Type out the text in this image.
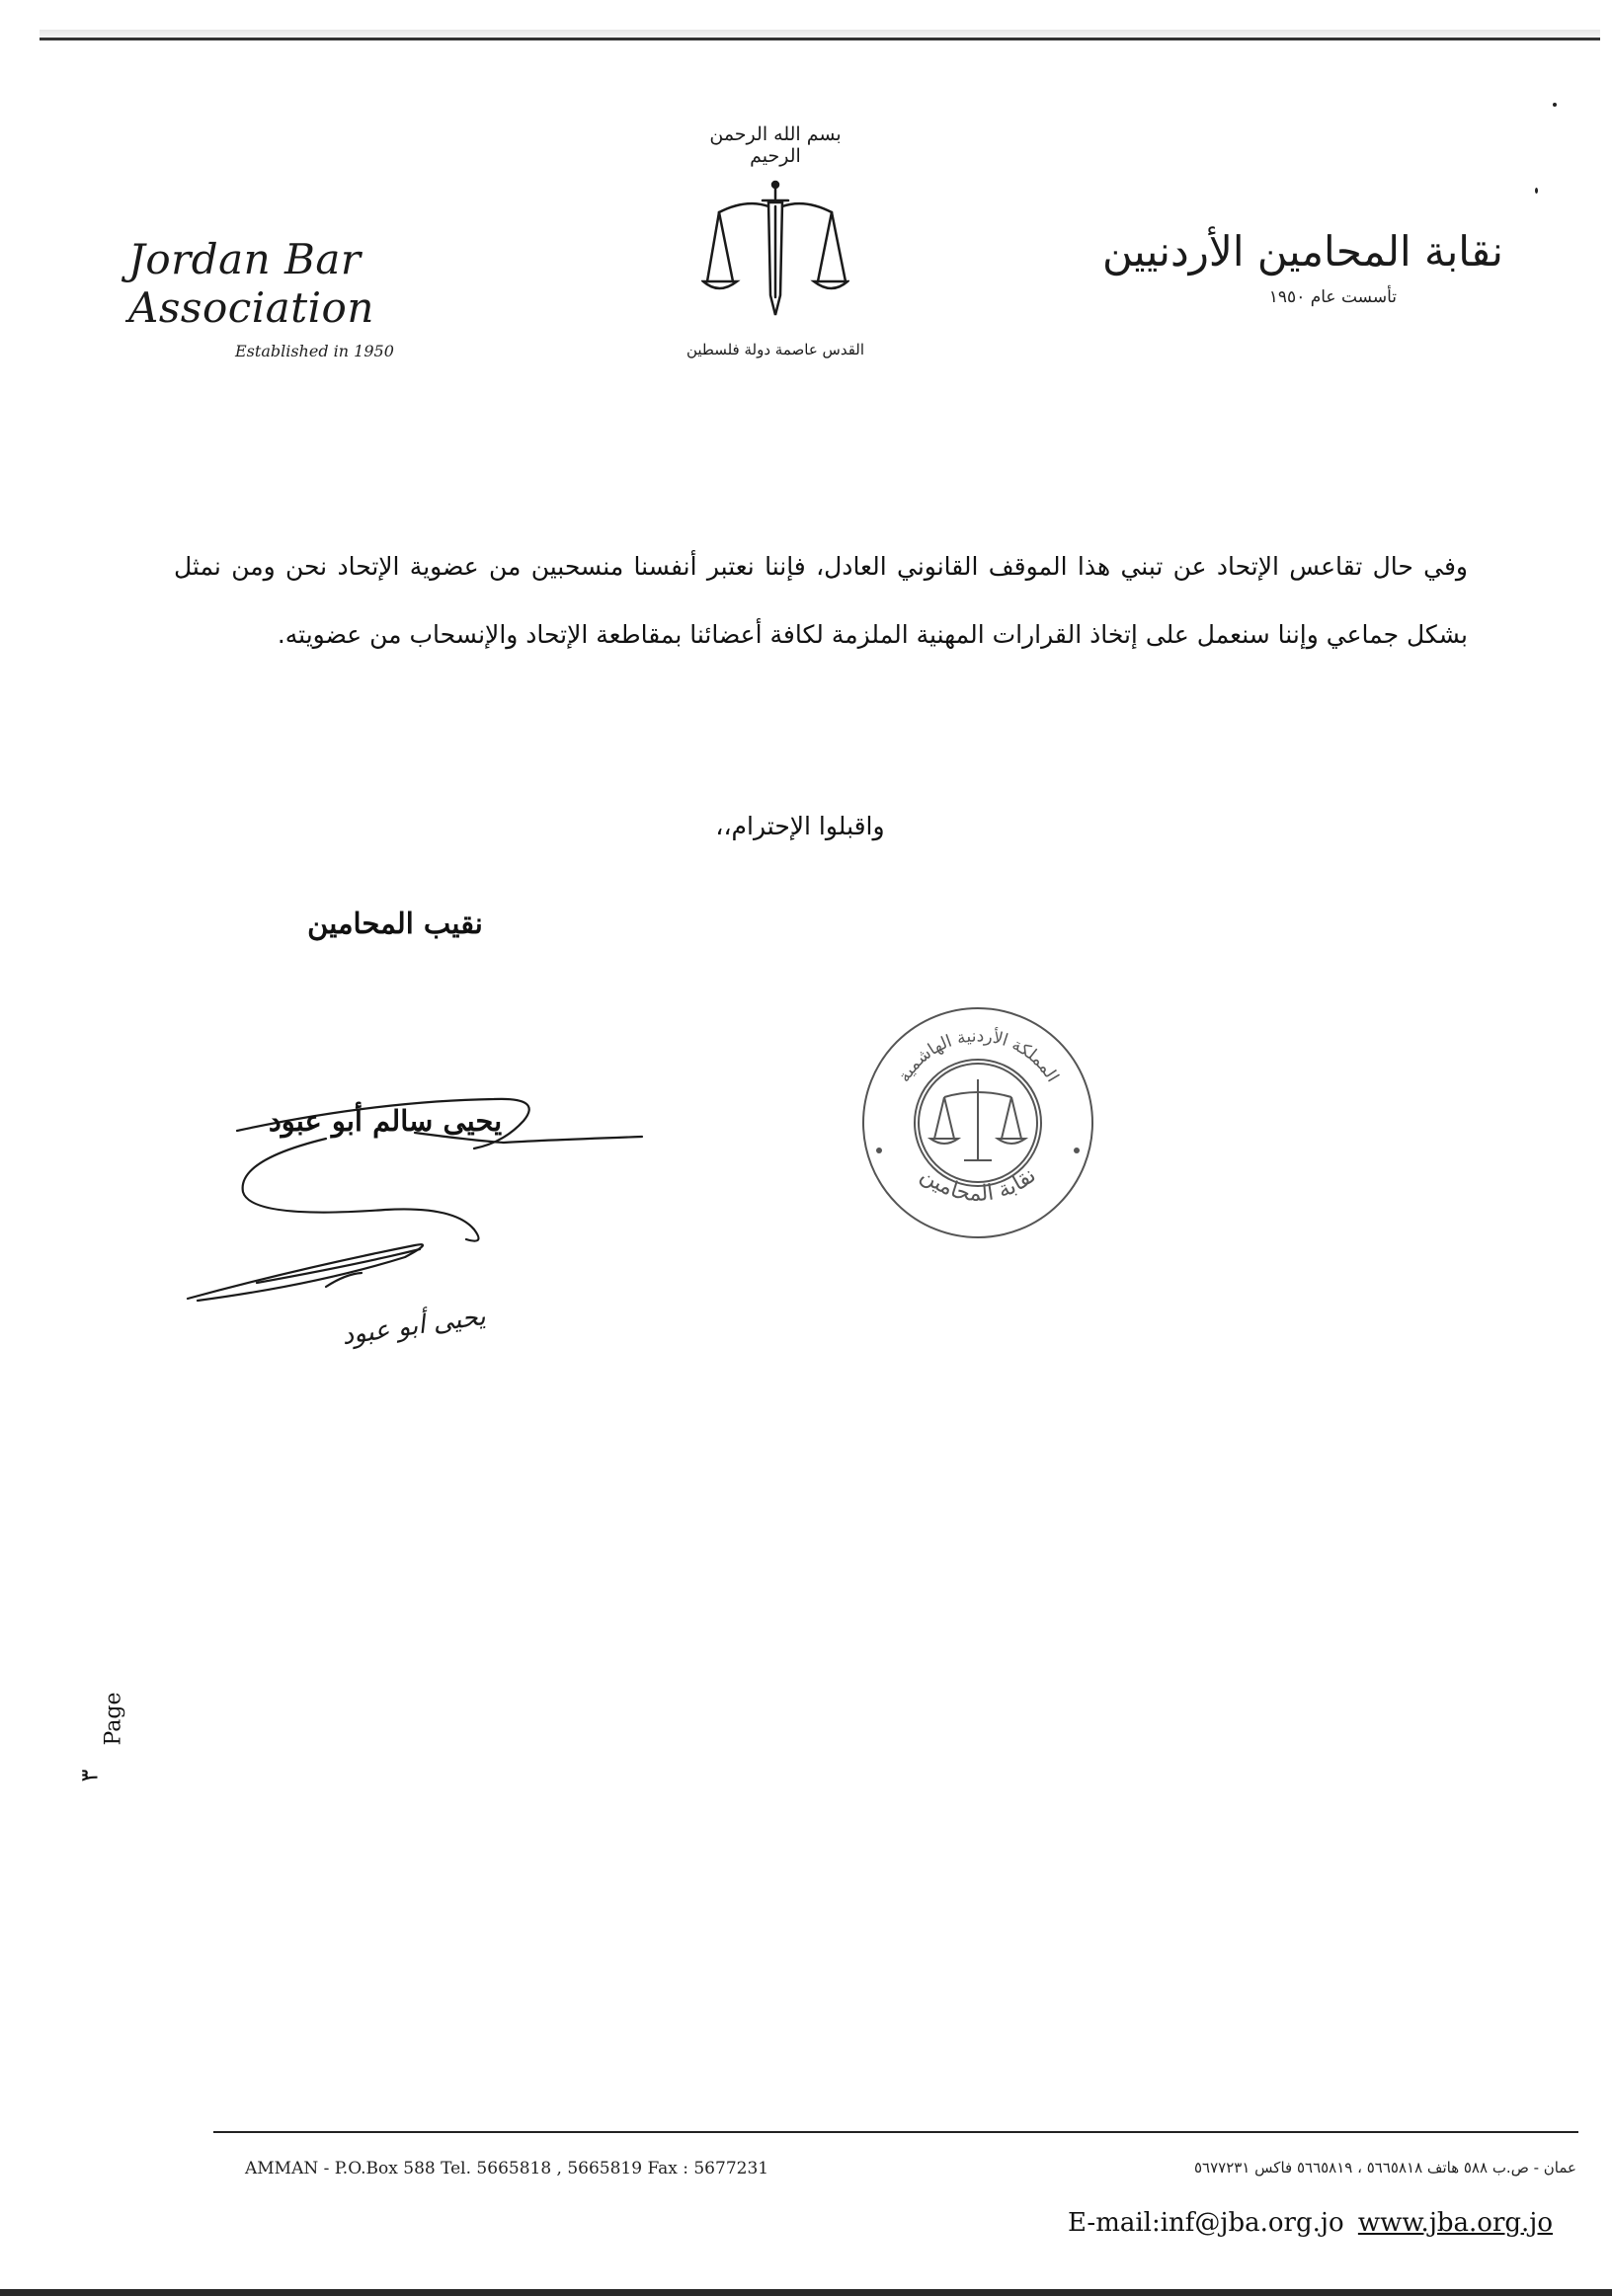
Jordan Bar Association
Established in 1950
بسم الله الرحمن الرحيم
القدس عاصمة دولة فلسطين
نقابة المحامين الأردنيين
تأسست عام ١٩٥٠
وفي حال تقاعس الإتحاد عن تبني هذا الموقف القانوني العادل، فإننا نعتبر أنفسنا منسحبين من عضوية الإتحاد نحن ومن نمثل بشكل جماعي وإننا سنعمل على إتخاذ القرارات المهنية الملزمة لكافة أعضائنا بمقاطعة الإتحاد والإنسحاب من عضويته.
واقبلوا الإحترام،،
نقيب المحامين
يحيى أبو عبود
يحيى سالم أبو عبود
المملكة الأردنية الهاشمية
نقابة المحامين
Page
٣
AMMAN - P.O.Box 588 Tel. 5665818 , 5665819 Fax : 5677231	عمان - ص.ب ٥٨٨ هاتف ٥٦٦٥٨١٨ ، ٥٦٦٥٨١٩ فاكس ٥٦٧٧٢٣١
E-mail:inf@jba.org.jo www.jba.org.jo
